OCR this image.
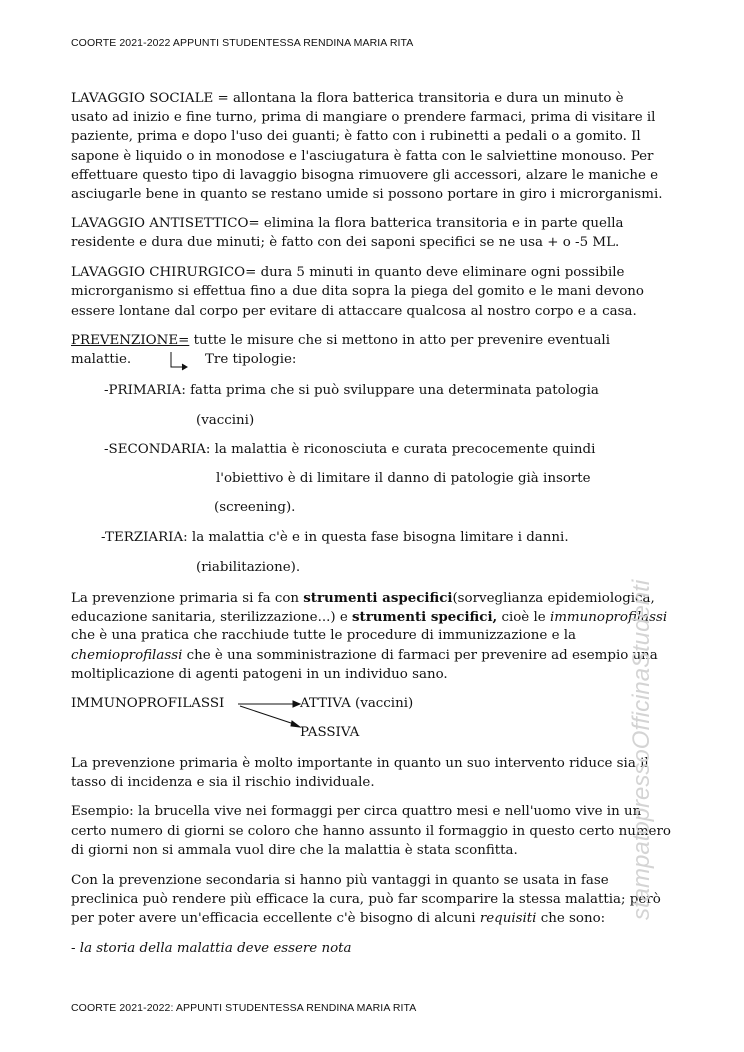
COORTE 2021-2022 APPUNTI STUDENTESSA RENDINA MARIA RITA
LAVAGGIO SOCIALE = allontana la flora batterica transitoria e dura un minuto è
usato ad inizio e fine turno, prima di mangiare o prendere farmaci, prima di visitare il
paziente, prima e dopo l'uso dei guanti; è fatto con i rubinetti a pedali o a gomito. Il
sapone è liquido o in monodose e l'asciugatura è fatta con le salviettine monouso. Per
effettuare questo tipo di lavaggio bisogna rimuovere gli accessori, alzare le maniche e
asciugarle bene in quanto se restano umide si possono portare in giro i microrganismi.
LAVAGGIO ANTISETTICO= elimina la flora batterica transitoria e in parte quella
residente e dura due minuti; è fatto con dei saponi specifici se ne usa + o -5 ML.
LAVAGGIO CHIRURGICO= dura 5 minuti in quanto deve eliminare ogni possibile
microrganismo si effettua fino a due dita sopra la piega del gomito e le mani devono
essere lontane dal corpo per evitare di attaccare qualcosa al nostro corpo e a casa.
PREVENZIONE= tutte le misure che si mettono in atto per prevenire eventuali
malattie.	Tre tipologie:
-PRIMARIA: fatta prima che si può sviluppare una determinata patologia
(vaccini)
-SECONDARIA: la malattia è riconosciuta e curata precocemente quindi
l'obiettivo è di limitare il danno di patologie già insorte
(screening).
-TERZIARIA: la malattia c'è e in questa fase bisogna limitare i danni.
(riabilitazione).
La prevenzione primaria si fa con strumenti aspecifici(sorveglianza epidemiologica,
educazione sanitaria, sterilizzazione...) e strumenti specifici, cioè le immunoprofilassi
che è una pratica che racchiude tutte le procedure di immunizzazione e la
chemioprofilassi che è una somministrazione di farmaci per prevenire ad esempio una
moltiplicazione di agenti patogeni in un individuo sano.
IMMUNOPROFILASSI	ATTIVA (vaccini)
PASSIVA
La prevenzione primaria è molto importante in quanto un suo intervento riduce sia il
tasso di incidenza e sia il rischio individuale.
Esempio: la brucella vive nei formaggi per circa quattro mesi e nell'uomo vive in un
certo numero di giorni se coloro che hanno assunto il formaggio in questo certo numero
di giorni non si ammala vuol dire che la malattia è stata sconfitta.
Con la prevenzione secondaria si hanno più vantaggi in quanto se usata in fase
preclinica può rendere più efficace la cura, può far scomparire la stessa malattia; però
per poter avere un'efficacia eccellente c'è bisogno di alcuni requisiti che sono:
- la storia della malattia deve essere nota
stampatopressoOfficinaStudenti
COORTE 2021-2022: APPUNTI STUDENTESSA RENDINA MARIA RITA
